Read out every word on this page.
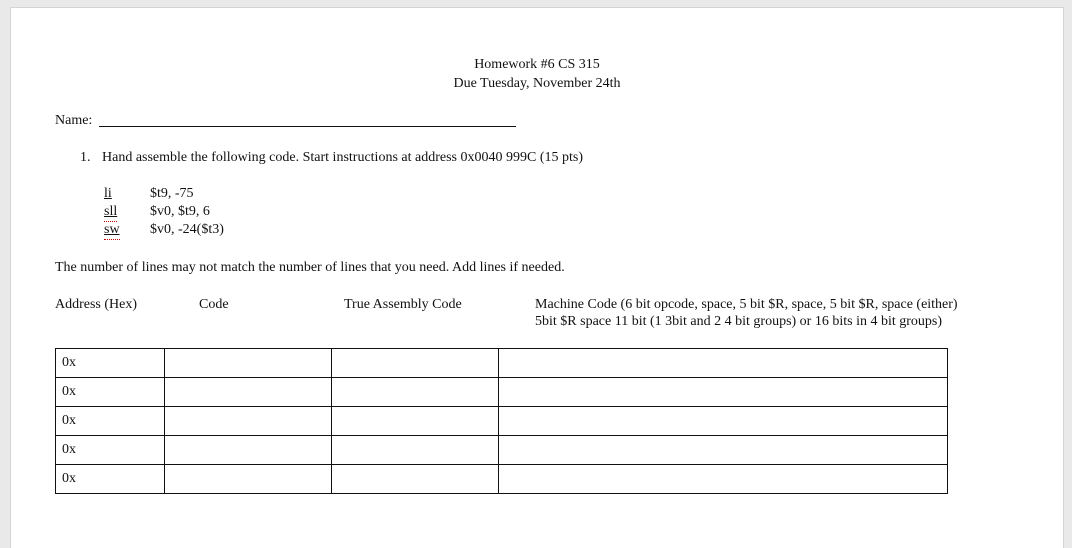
Homework #6 CS 315
Due Tuesday, November 24th
Name:
1. Hand assemble the following code. Start instructions at address 0x0040 999C (15 pts)
li	$t9, -75
sll $v0, $t9, 6
sw $v0, -24($t3)
The number of lines may not match the number of lines that you need. Add lines if needed.
Address (Hex)	Code	True Assembly Code	Machine Code (6 bit opcode, space, 5 bit $R, space, 5 bit $R, space (either) 5bit $R space 11 bit (1 3bit and 2 4 bit groups) or 16 bits in 4 bit groups)
0x			
0x			
0x			
0x			
0x			
